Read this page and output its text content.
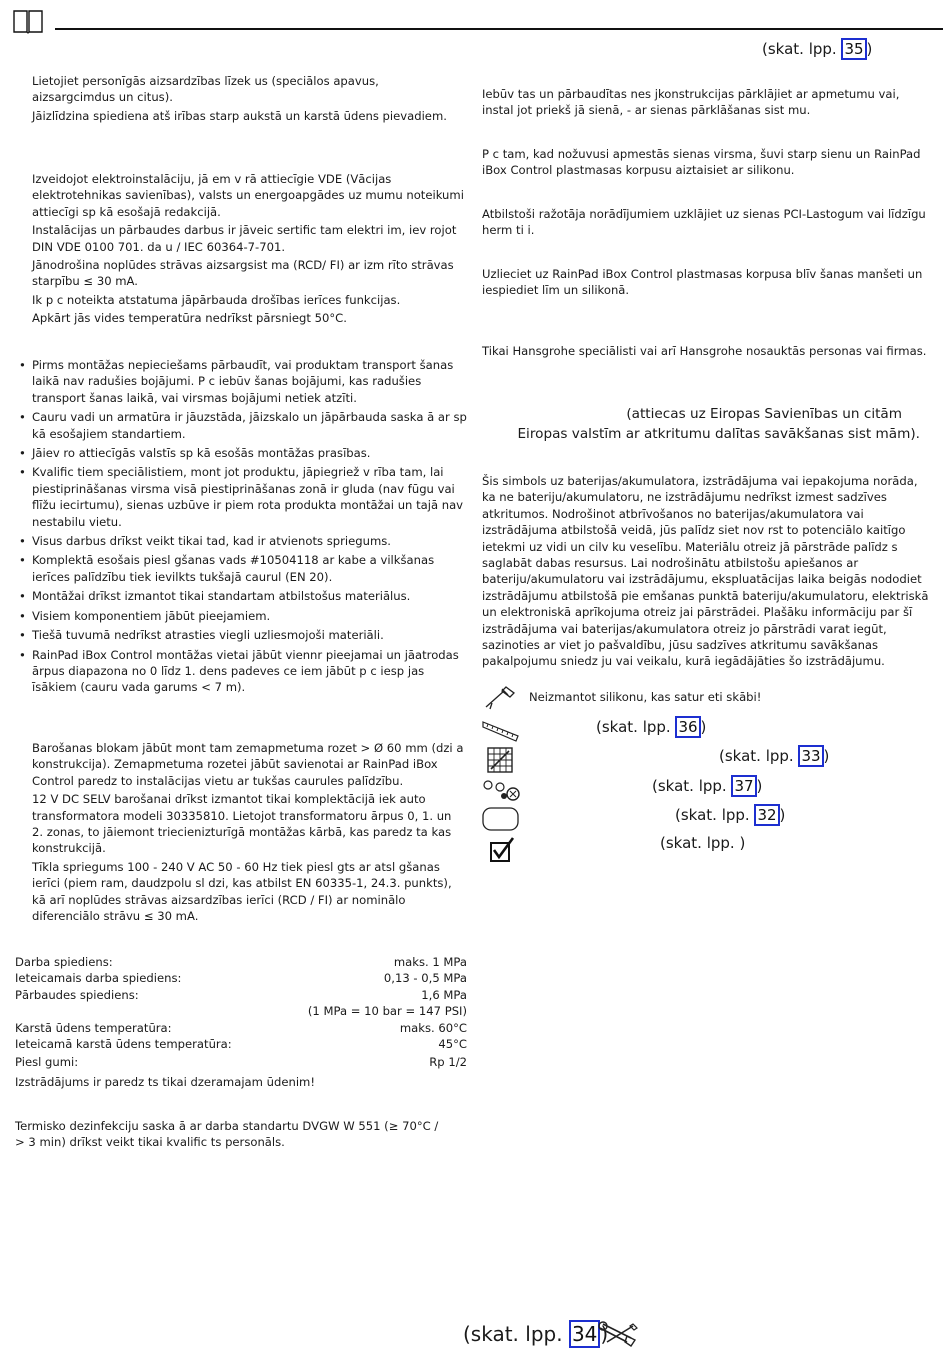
(skat. lpp. 35 )

Lietojiet personīgās aizsardzības līzek us (speciālos apavus, aizsargcimdus un citus).

Jāizlīdzina spiediena atš irības starp aukstā un karstā ūdens pievadiem.

Izveidojot elektroinstalāciju, jā em v rā attiecīgie VDE (Vācijas elektrotehnikas savienības), valsts un energoapgādes uz mumu noteikumi attiecīgi sp kā esošajā redakcijā.

Instalācijas un pārbaudes darbus ir jāveic sertific tam elektri im, iev rojot DIN VDE 0100 701. da u / IEC 60364-7-701.

Jānodrošina noplūdes strāvas aizsargsist ma (RCD/ FI) ar izm rīto strāvas starpību ≤ 30 mA.

Ik p c noteikta atstatuma jāpārbauda drošības ierīces funkcijas.

Apkārt jās vides temperatūra nedrīkst pārsniegt 50°C.

• Pirms montāžas nepieciešams pārbaudīt, vai produktam transport šanas laikā nav radušies bojājumi. P c iebūv šanas bojājumi, kas radušies transport šanas laikā, vai virsmas bojājumi netiek atzīti.
• Cauru vadi un armatūra ir jāuzstāda, jāizskalo un jāpārbauda saska ā ar sp kā esošajiem standartiem.
• Jāiev ro attiecīgās valstīs sp kā esošās montāžas prasības.
• Kvalific tiem speciālistiem, mont jot produktu, jāpiegriež v rība tam, lai piestiprināšanas virsma visā piestiprināšanas zonā ir gluda (nav fūgu vai flīžu iecirtumu), sienas uzbūve ir piem rota produkta montāžai un tajā nav nestabilu vietu.
• Visus darbus drīkst veikt tikai tad, kad ir atvienots spriegums.
• Komplektā esošais piesl gšanas vads #10504118 ar kabe a vilkšanas ierīces palīdzību tiek ievilkts tukšajā caurul (EN 20).
• Montāžai drīkst izmantot tikai standartam atbilstošus materiālus.
• Visiem komponentiem jābūt pieejamiem.
• Tiešā tuvumā nedrīkst atrasties viegli uzliesmojoši materiāli.
• RainPad iBox Control montāžas vietai jābūt viennr pieejamai un jāatrodas ārpus diapazona no 0 līdz 1. dens padeves ce iem jābūt p c iesp jas īsākiem (cauru vada garums < 7 m).

Barošanas blokam jābūt mont tam zemapmetuma rozet > Ø 60 mm (dzi a konstrukcija). Zemapmetuma rozetei jābūt savienotai ar RainPad iBox Control paredz to instalācijas vietu ar tukšas caurules palīdzību.

12 V DC SELV barošanai drīkst izmantot tikai komplektācijā iek auto transformatora modeli 30335810. Lietojot transformatoru ārpus 0, 1. un 2. zonas, to jāiemont triecienizturīgā montāžas kārbā, kas paredz ta kas konstrukcijā.

Tīkla spriegums 100 - 240 V AC 50 - 60 Hz tiek piesl gts ar atsl gšanas ierīci (piem ram, daudzpolu sl dzi, kas atbilst EN 60335-1, 24.3. punkts), kā arī noplūdes strāvas aizsardzības ierīci (RCD / FI) ar nominālo diferenciālo strāvu ≤ 30 mA.

Darba spiediens:	maks. 1 MPa
Ieteicamais darba spiediens:	0,13 - 0,5 MPa
Pārbaudes spiediens:	1,6 MPa
(1 MPa = 10 bar = 147 PSI)
Karstā ūdens temperatūra:	maks. 60°C
Ieteicamā karstā ūdens temperatūra:	45°C
Piesl gumi:	Rp 1/2

Izstrādājums ir paredz ts tikai dzeramajam ūdenim!

Termisko dezinfekciju saska ā ar darba standartu DVGW W 551 (≥ 70°C / > 3 min) drīkst veikt tikai kvalific ts personāls.

Iebūv tas un pārbaudītas nes jkonstrukcijas pārklājiet ar apmetumu vai, instal jot priekš jā sienā, - ar sienas pārklāšanas sist mu.

P c tam, kad nožuvusi apmestās sienas virsma, šuvi starp sienu un RainPad iBox Control plastmasas korpusu aiztaisiet ar silikonu.

Atbilstoši ražotāja norādījumiem uzklājiet uz sienas PCI-Lastogum vai līdzīgu herm ti i.

Uzlieciet uz RainPad iBox Control plastmasas korpusa blīv šanas manšeti un iespiediet līm un silikonā.

Tikai Hansgrohe speciālisti vai arī Hansgrohe nosauktās personas vai firmas.

(attiecas uz Eiropas Savienības un citām

Eiropas valstīm ar atkritumu dalītas savākšanas sist mām).

Šis simbols uz baterijas/akumulatora, izstrādājuma vai iepakojuma norāda, ka ne bateriju/akumulatoru, ne izstrādājumu nedrīkst izmest sadzīves atkritumos. Nodrošinot atbrīvošanos no baterijas/akumulatora vai izstrādājuma atbilstošā veidā, jūs palīdz siet nov rst to potenciālo kaitīgo ietekmi uz vidi un cilv ku veselību. Materiālu otreiz jā pārstrāde palīdz s saglabāt dabas resursus. Lai nodrošinātu atbilstošu apiešanos ar bateriju/akumulatoru vai izstrādājumu, ekspluatācijas laika beigās nododiet izstrādājumu atbilstošā pie emšanas punktā bateriju/akumulatoru, elektriskā un elektroniskā aprīkojuma otreiz jai pārstrādei. Plašāku informāciju par šī izstrādājuma vai baterijas/akumulatora otreiz jo pārstrādi varat iegūt, sazinoties ar viet jo pašvaldību, jūsu sadzīves atkritumu savākšanas pakalpojumu sniedz ju vai veikalu, kurā iegādājāties šo izstrādājumu.

Neizmantot silikonu, kas satur eti skābi!
(skat. lpp. 36 )
(skat. lpp. 33 )
(skat. lpp. 37 )
(skat. lpp. 32 )
(skat. lpp. )
(skat. lpp. 34 )
